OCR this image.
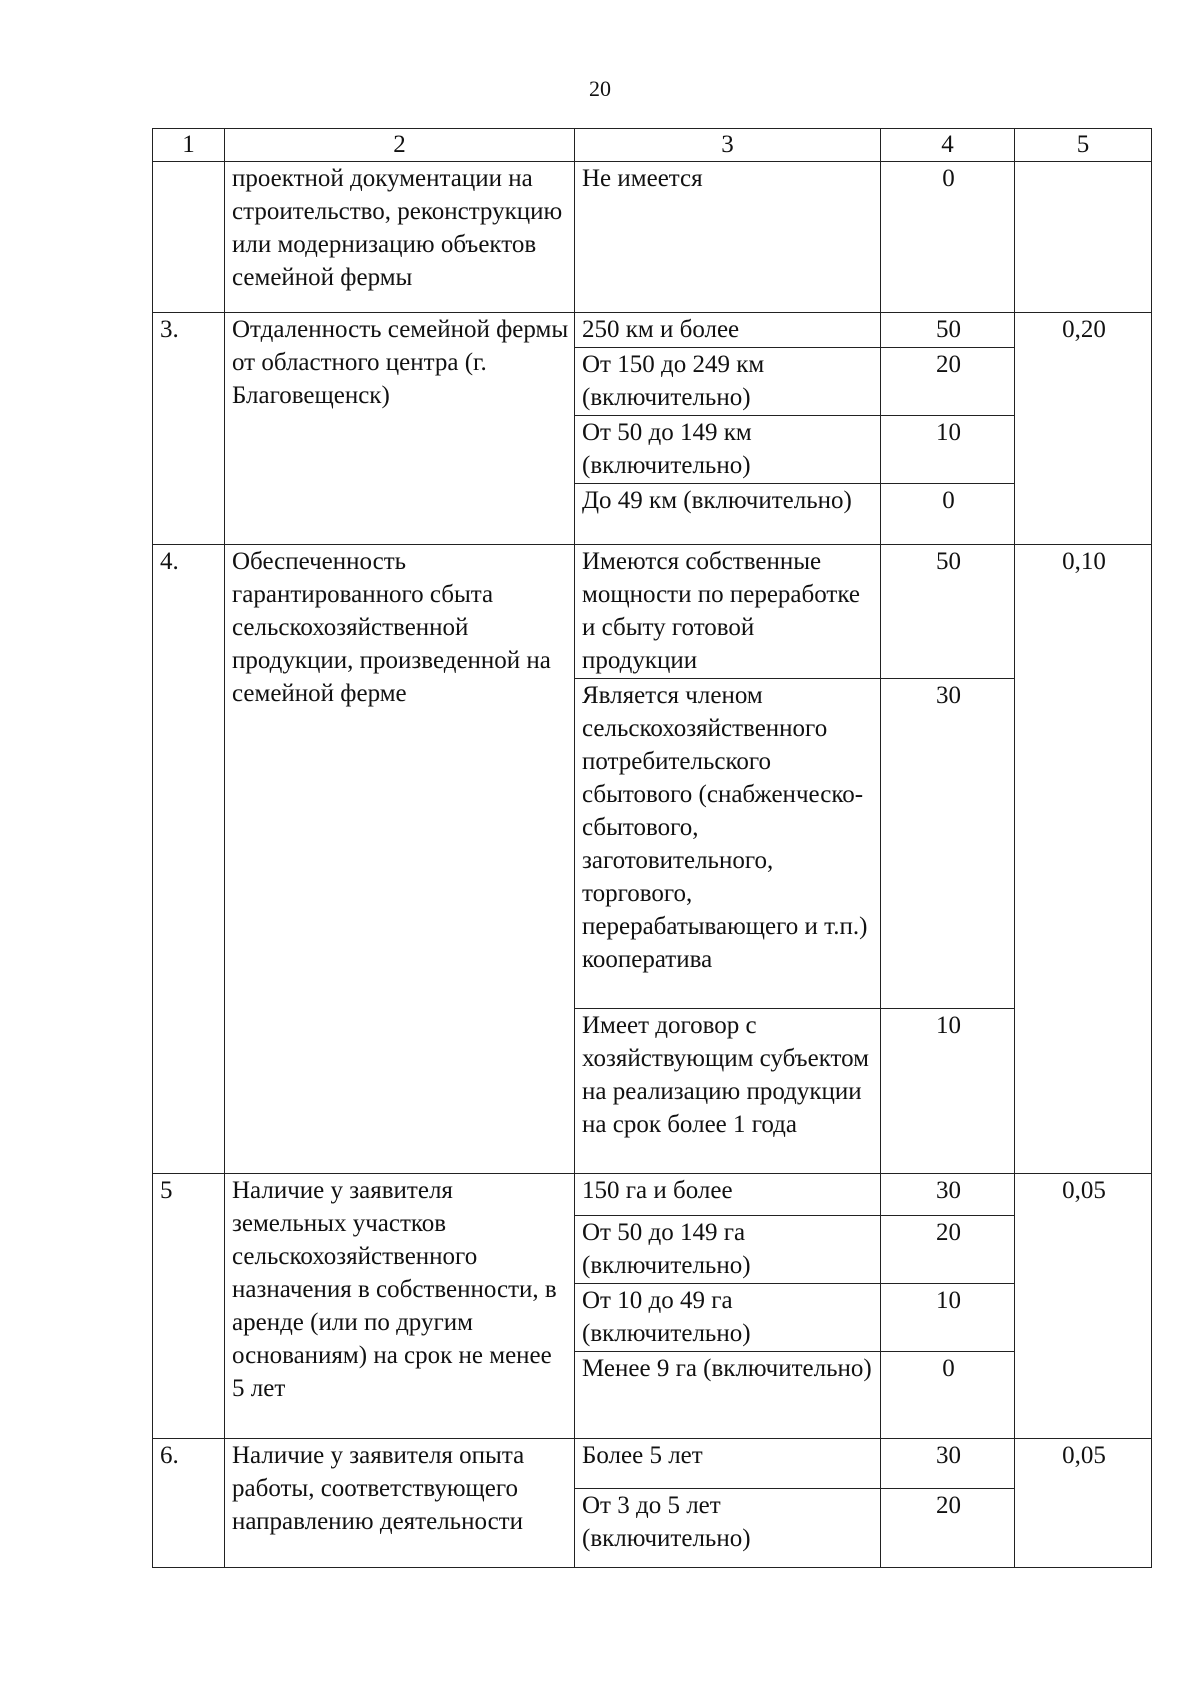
20
1	2	3	4	5
	проектной документации на строительство, реконструкцию или модернизацию объектов семейной фермы	Не имеется	0	
3.	Отдаленность семейной фермы от областного центра (г. Благовещенск)	250 км и более	50	0,20
		От 150 до 249 км (включительно)	20	
		От 50 до 149 км (включительно)	10	
		До 49 км (включительно)	0	
4.	Обеспеченность гарантированного сбыта сельскохозяйственной продукции, произведенной на семейной ферме	Имеются собственные мощности по переработке и сбыту готовой продукции	50	0,10
		Является членом сельскохозяйственного потребительского сбытового (снабженческо-сбытового, заготовительного, торгового, перерабатывающего и т.п.) кооператива	30	
		Имеет договор с хозяйствующим субъектом на реализацию продукции на срок более 1 года	10	
5	Наличие у заявителя земельных участков сельскохозяйственного назначения в собственности, в аренде (или по другим основаниям) на срок не менее 5 лет	150 га и более	30	0,05
		От 50 до 149 га (включительно)	20	
		От 10 до 49 га (включительно)	10	
		Менее 9 га (включительно)	0	
6.	Наличие у заявителя опыта работы, соответствующего направлению деятельности	Более 5 лет	30	0,05
		От 3 до 5 лет (включительно)	20	
